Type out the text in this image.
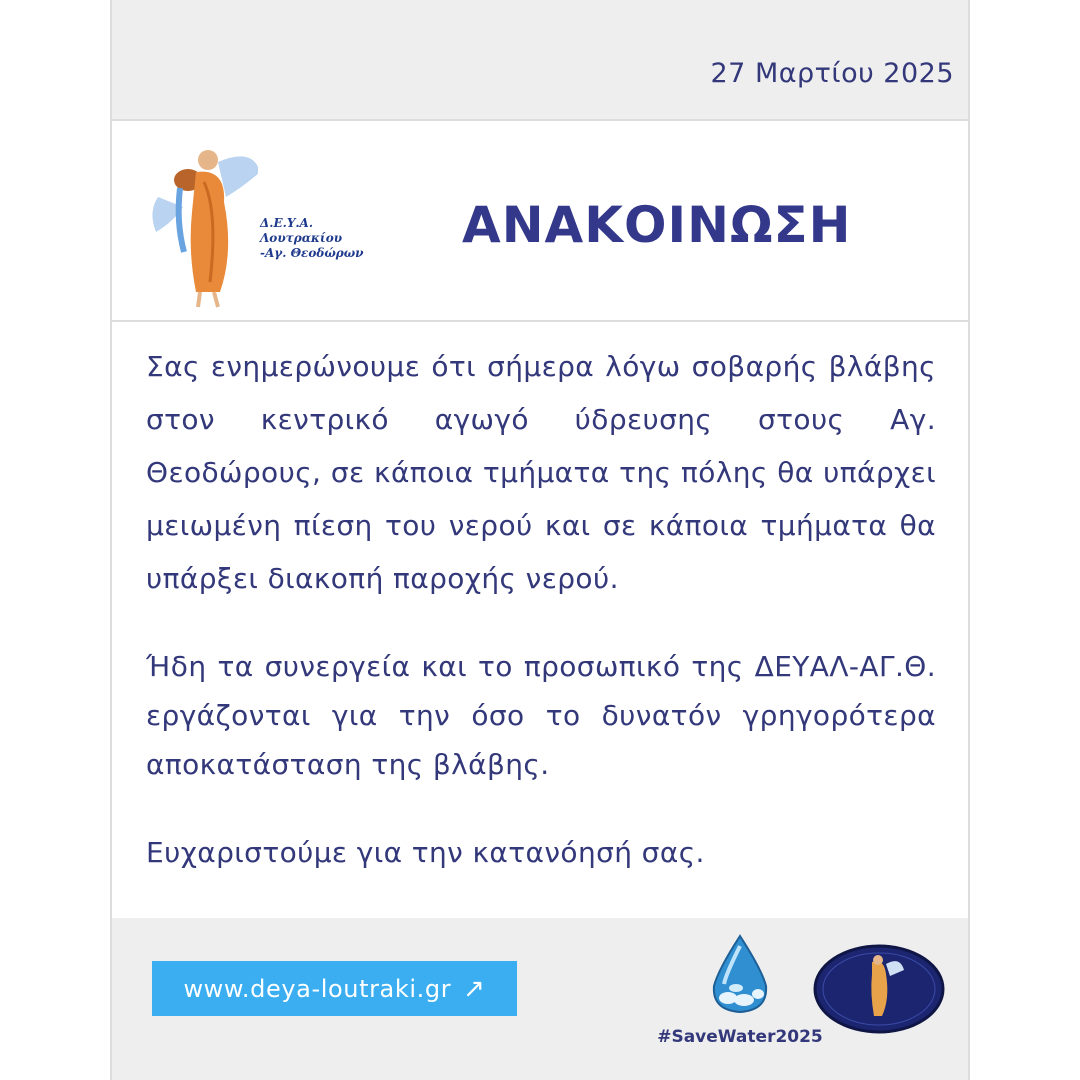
27 Μαρτίου 2025
Δ.Ε.Υ.Α. Λουτρακίου
-Αγ. Θεοδώρων ΑΝΑΚΟΙΝΩΣΗ

Σας ενημερώνουμε ότι σήμερα λόγω σοβαρής βλάβης στον κεντρικό αγωγό ύδρευσης στους Αγ. Θεοδώρους, σε κάποια τμήματα της πόλης θα υπάρχει μειωμένη πίεση του νερού και σε κάποια τμήματα θα υπάρξει διακοπή παροχής νερού.

Ήδη τα συνεργεία και το προσωπικό της ΔΕΥΑΛ-ΑΓ.Θ. εργάζονται για την όσο το δυνατόν γρηγορότερα αποκατάσταση της βλάβης.

Ευχαριστούμε για την κατανόησή σας.

www.deya-loutraki.gr ↗
#SaveWater2025
